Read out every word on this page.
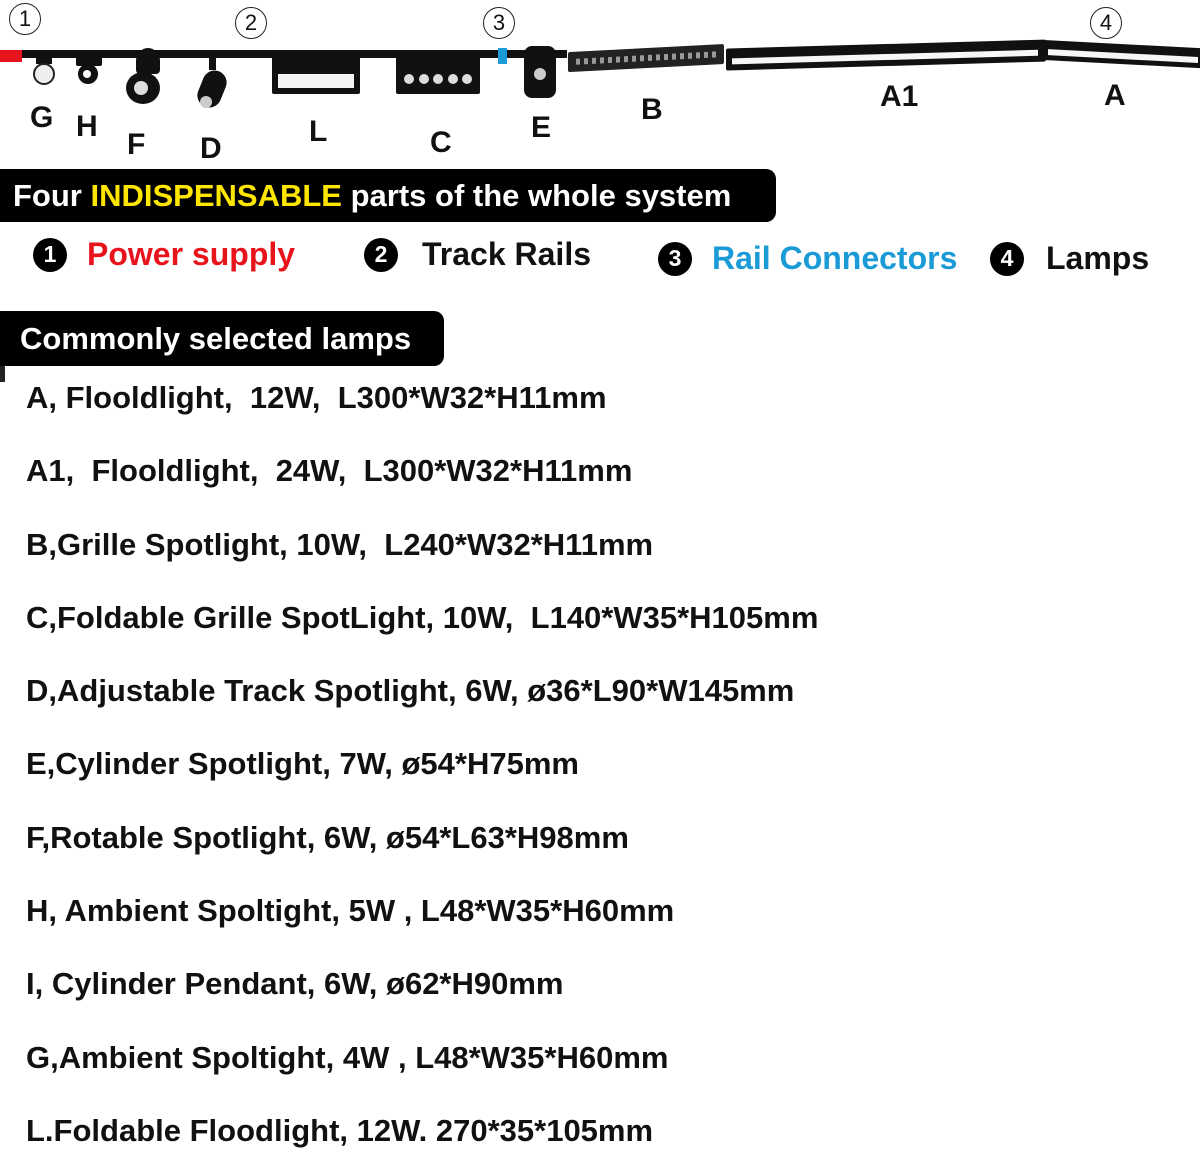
1	2	3	4
G H
F D
L	C	E
B	A1	A
Four INDISPENSABLE parts of the whole system
1 Power supply	2	Track Rails	3 Rail Connectors	4	Lamps
Commonly selected lamps
A, Flooldlight,  12W,  L300*W32*H11mm
A1,  Flooldlight,  24W,  L300*W32*H11mm
B,Grille Spotlight, 10W,  L240*W32*H11mm
C,Foldable Grille SpotLight, 10W,  L140*W35*H105mm
D,Adjustable Track Spotlight, 6W, ø36*L90*W145mm
E,Cylinder Spotlight, 7W, ø54*H75mm
F,Rotable Spotlight, 6W, ø54*L63*H98mm
H, Ambient Spoltight, 5W , L48*W35*H60mm
I, Cylinder Pendant, 6W, ø62*H90mm
G,Ambient Spoltight, 4W , L48*W35*H60mm
L.Foldable Floodlight, 12W. 270*35*105mm
